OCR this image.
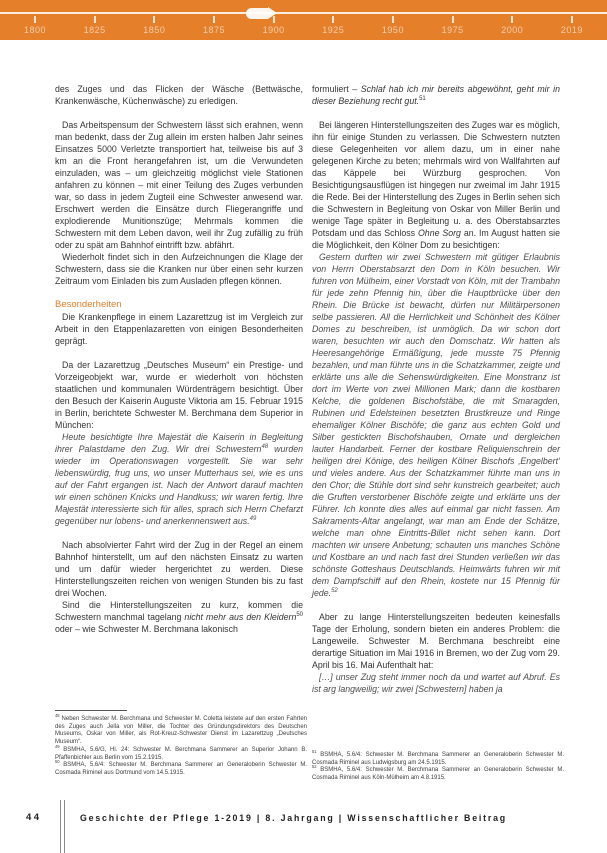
1800	1825	1850	1875	1900	1925	1950	1975	2000	2019

des Zuges und das Flicken der Wäsche (Bettwäsche, Krankenwäsche, Küchenwäsche) zu erledigen.

Das Arbeitspensum der Schwestern lässt sich erahnen, wenn man bedenkt, dass der Zug allein im ersten halben Jahr seines Einsatzes 5000 Verletzte transportiert hat, teilweise bis auf 3 km an die Front herangefahren ist, um die Verwundeten einzuladen, was – um gleichzeitig möglichst viele Stationen anfahren zu können – mit einer Teilung des Zuges verbunden war, so dass in jedem Zugteil eine Schwester anwesend war. Erschwert werden die Einsätze durch Fliegerangriffe und explodierende Munitionszüge; Mehrmals kommen die Schwestern mit dem Leben davon, weil ihr Zug zufällig zu früh oder zu spät am Bahnhof eintrifft bzw. abfährt.

Wiederholt findet sich in den Aufzeichnungen die Klage der Schwestern, dass sie die Kranken nur über einen sehr kurzen Zeitraum vom Einladen bis zum Ausladen pflegen können.

Besonderheiten

Die Krankenpflege in einem Lazarettzug ist im Vergleich zur Arbeit in den Etappenlazaretten von einigen Besonderheiten geprägt.

Da der Lazarettzug „Deutsches Museum“ ein Prestige- und Vorzeigeobjekt war, wurde er wiederholt von höchsten staatlichen und kommunalen Würdenträgern besichtigt. Über den Besuch der Kaiserin Auguste Viktoria am 15. Februar 1915 in Berlin, berichtete Schwester M. Berchmana dem Superior in München:

Heute besichtigte Ihre Majestät die Kaiserin in Begleitung ihrer Palastdame den Zug. Wir drei Schwestern$^{48}$ wurden wieder im Operationswagen vorgestellt. Sie war sehr liebenswürdig, frug uns, wo unser Mutterhaus sei, wie es uns auf der Fahrt ergangen ist. Nach der Antwort darauf machten wir einen schönen Knicks und Handkuss; wir waren fertig. Ihre Majestät interessierte sich für alles, sprach sich Herrn Chefarzt gegenüber nur lobens- und anerkennenswert aus.$^{49}$

Nach absolvierter Fahrt wird der Zug in der Regel an einem Bahnhof hinterstellt, um auf den nächsten Einsatz zu warten und um dafür wieder hergerichtet zu werden. Diese Hinterstellungszeiten reichen von wenigen Stunden bis zu fast drei Wochen.

Sind die Hinterstellungszeiten zu kurz, kommen die Schwestern manchmal tagelang nicht mehr aus den Kleidern$^{50}$ oder – wie Schwester M. Berchmana lakonisch

formuliert – Schlaf hab ich mir bereits abgewöhnt, geht mir in dieser Beziehung recht gut.$^{51}$

Bei längeren Hinterstellungszeiten des Zuges war es möglich, ihn für einige Stunden zu verlassen. Die Schwestern nutzten diese Gelegenheiten vor allem dazu, um in einer nahe gelegenen Kirche zu beten; mehrmals wird von Wallfahrten auf das Käppele bei Würzburg gesprochen. Von Besichtigungsausflügen ist hingegen nur zweimal im Jahr 1915 die Rede. Bei der Hinterstellung des Zuges in Berlin sehen sich die Schwestern in Begleitung von Oskar von Miller Berlin und wenige Tage später in Begleitung u. a. des Oberstabsarztes Potsdam und das Schloss Ohne Sorg an. Im August hatten sie die Möglichkeit, den Kölner Dom zu besichtigen:

Gestern durften wir zwei Schwestern mit gütiger Erlaubnis von Herrn Oberstabsarzt den Dom in Köln besuchen. Wir fuhren von Mülheim, einer Vorstadt von Köln, mit der Trambahn für jede zehn Pfennig hin, über die Hauptbrücke über den Rhein. Die Brücke ist bewacht, dürfen nur Militärpersonen selbe passieren. All die Herrlichkeit und Schönheit des Kölner Domes zu beschreiben, ist unmöglich. Da wir schon dort waren, besuchten wir auch den Domschatz. Wir hatten als Heeresangehörige Ermäßigung, jede musste 75 Pfennig bezahlen, und man führte uns in die Schatzkammer, zeigte und erklärte uns alle die Sehenswürdigkeiten. Eine Monstranz ist dort im Werte von zwei Millionen Mark; dann die kostbaren Kelche, die goldenen Bischofstäbe, die mit Smaragden, Rubinen und Edelsteinen besetzten Brustkreuze und Ringe ehemaliger Kölner Bischöfe; die ganz aus echten Gold und Silber gestickten Bischofshauben, Ornate und dergleichen lauter Handarbeit. Ferner der kostbare Reliquienschrein der heiligen drei Könige, des heiligen Kölner Bischofs ‚Engelbert‘ und vieles andere. Aus der Schatzkammer führte man uns in den Chor; die Stühle dort sind sehr kunstreich gearbeitet; auch die Gruften verstorbener Bischöfe zeigte und erklärte uns der Führer. Ich konnte dies alles auf einmal gar nicht fassen. Am Sakraments-Altar angelangt, war man am Ende der Schätze, welche man ohne Eintritts-Billet nicht sehen kann. Dort machten wir unsere Anbetung; schauten uns manches Schöne und Kostbare an und nach fast drei Stunden verließen wir das schönste Gotteshaus Deutschlands. Heimwärts fuhren wir mit dem Dampfschiff auf den Rhein, kostete nur 15 Pfennig für jede.$^{52}$

Aber zu lange Hinterstellungszeiten bedeuten keinesfalls Tage der Erholung, sondern bieten ein anderes Problem: die Langeweile. Schwester M. Berchmana beschreibt eine derartige Situation im Mai 1916 in Bremen, wo der Zug vom 29. April bis 16. Mai Aufenthalt hat:

[…] unser Zug steht immer noch da und wartet auf Abruf. Es ist arg langweilig; wir zwei [Schwestern] haben ja

$^{48}$ Neben Schwester M. Berchmana und Schwester M. Coletta leistete auf den ersten Fahrten des Zuges auch Jella von Miller, die Tochter des Gründungsdirektors des Deutschen Museums, Oskar von Miller, als Rot-Kreuz-Schwester Dienst im Lazarettzug „Deutsches Museum“.

$^{49}$ BSMHA, 5.6/G, Hl. 24: Schwester M. Berchmana Sammerer an Superior Johann B. Pfaffenbichler aus Berlin vom 15.2.1915.

$^{50}$ BSMHA, 5.6/4: Schwester M. Berchmana Sammerer an Generaloberin Schwester M. Cosmada Riminel aus Dortmund vom 14.5.1915.

$^{51}$ BSMHA, 5.6/4: Schwester M. Berchmana Sammerer an Generaloberin Schwester M. Cosmada Riminel aus Ludwigsburg am 24.5.1915.

$^{52}$ BSMHA, 5.6/4: Schwester M. Berchmana Sammerer an Generaloberin Schwester M. Cosmada Riminel aus Köln-Mülheim am 4.8.1915.

44	Geschichte der Pflege 1-2019 | 8. Jahrgang | Wissenschaftlicher Beitrag
